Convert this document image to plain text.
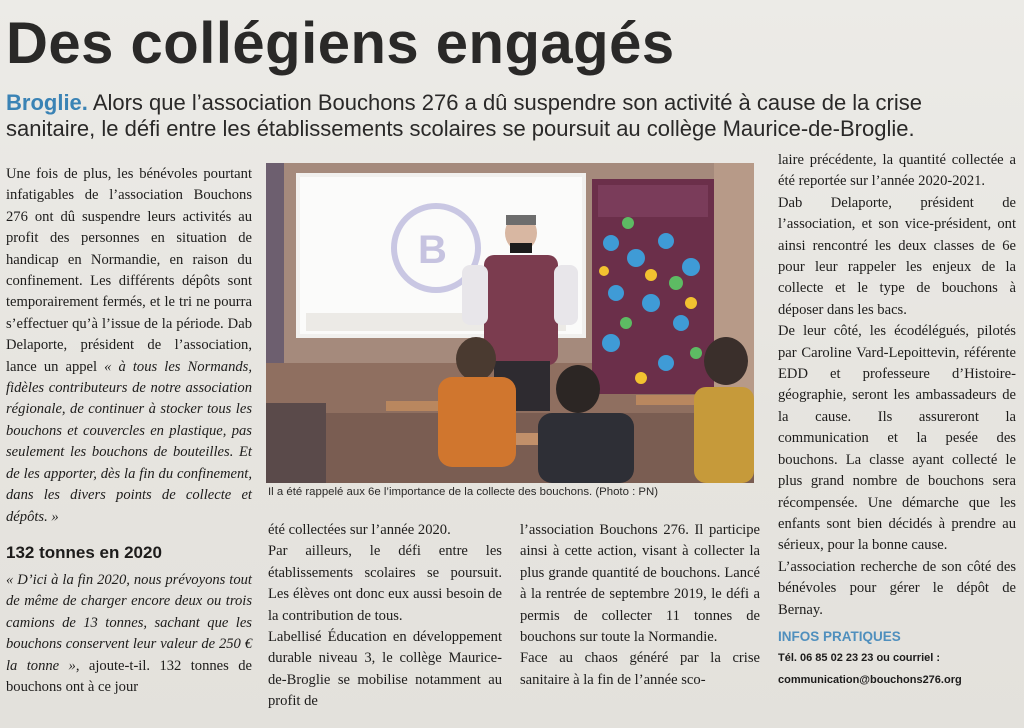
Des collégiens engagés
Broglie. Alors que l’association Bouchons 276 a dû suspendre son activité à cause de la crise sanitaire, le défi entre les établissements scolaires se poursuit au collège Maurice-de-Broglie.

Une fois de plus, les bénévoles pourtant infatigables de l’association Bouchons 276 ont dû suspendre leurs activités au profit des personnes en situation de handicap en Normandie, en raison du confinement. Les différents dépôts sont temporairement fermés, et le tri ne pourra s’effectuer qu’à l’issue de la période. Dab Delaporte, président de l’association, lance un appel « à tous les Normands, fidèles contributeurs de notre association régionale, de continuer à stocker tous les bouchons et couvercles en plastique, pas seulement les bouchons de bouteilles. Et de les apporter, dès la fin du confinement, dans les divers points de collecte et dépôts. »

132 tonnes en 2020

« D’ici à la fin 2020, nous prévoyons tout de même de charger encore deux ou trois camions de 13 tonnes, sachant que les bouchons conservent leur valeur de 250 € la tonne », ajoute-t-il. 132 tonnes de bouchons ont à ce jour

B
Il a été rappelé aux 6e l’importance de la collecte des bouchons. (Photo : PN)

été collectées sur l’année 2020.

Par ailleurs, le défi entre les établissements scolaires se poursuit. Les élèves ont donc eux aussi besoin de la contribution de tous.

Labellisé Éducation en développement durable niveau 3, le collège Maurice-de-Broglie se mobilise notamment au profit de

l’association Bouchons 276. Il participe ainsi à cette action, visant à collecter la plus grande quantité de bouchons. Lancé à la rentrée de septembre 2019, le défi a permis de collecter 11 tonnes de bouchons sur toute la Normandie.

Face au chaos généré par la crise sanitaire à la fin de l’année sco-

laire précédente, la quantité collectée a été reportée sur l’année 2020-2021.

Dab Delaporte, président de l’association, et son vice-président, ont ainsi rencontré les deux classes de 6e pour leur rappeler les enjeux de la collecte et le type de bouchons à déposer dans les bacs.

De leur côté, les écodélégués, pilotés par Caroline Vard-Lepoittevin, référente EDD et professeure d’Histoire-géographie, seront les ambassadeurs de la cause. Ils assureront la communication et la pesée des bouchons. La classe ayant collecté le plus grand nombre de bouchons sera récompensée. Une démarche que les enfants sont bien décidés à prendre au sérieux, pour la bonne cause.

L’association recherche de son côté des bénévoles pour gérer le dépôt de Bernay.

INFOS PRATIQUES
Tél. 06 85 02 23 23 ou courriel : communication@bouchons276.org
